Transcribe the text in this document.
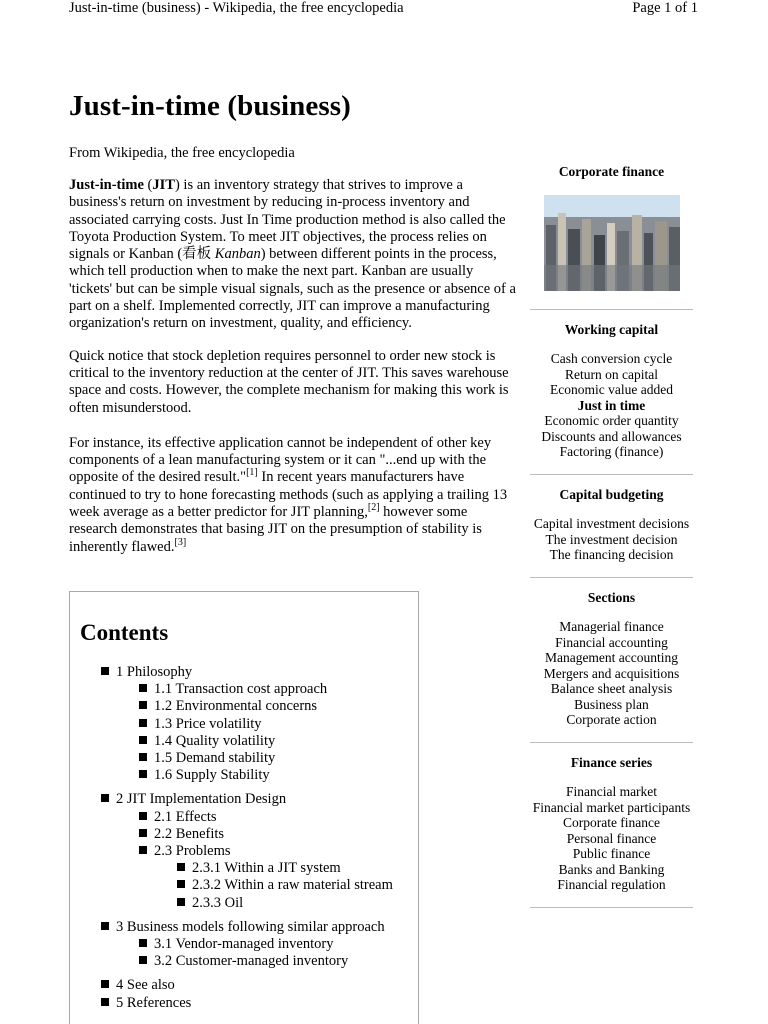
Just-in-time (business) - Wikipedia, the free encyclopedia	Page 1 of 1
Just-in-time (business)
From Wikipedia, the free encyclopedia

Just-in-time (JIT) is an inventory strategy that strives to improve a business's return on investment by reducing in-process inventory and associated carrying costs. Just In Time production method is also called the Toyota Production System. To meet JIT objectives, the process relies on signals or Kanban (看板 Kanban) between different points in the process, which tell production when to make the next part. Kanban are usually 'tickets' but can be simple visual signals, such as the presence or absence of a part on a shelf. Implemented correctly, JIT can improve a manufacturing organization's return on investment, quality, and efficiency.

Quick notice that stock depletion requires personnel to order new stock is critical to the inventory reduction at the center of JIT. This saves warehouse space and costs. However, the complete mechanism for making this work is often misunderstood.

For instance, its effective application cannot be independent of other key components of a lean manufacturing system or it can "...end up with the opposite of the desired result."[1] In recent years manufacturers have continued to try to hone forecasting methods (such as applying a trailing 13 week average as a better predictor for JIT planning,[2] however some research demonstrates that basing JIT on the presumption of stability is inherently flawed.[3]

Contents
1 Philosophy
1.1 Transaction cost approach
1.2 Environmental concerns
1.3 Price volatility
1.4 Quality volatility
1.5 Demand stability
1.6 Supply Stability
2 JIT Implementation Design
2.1 Effects
2.2 Benefits
2.3 Problems
2.3.1 Within a JIT system
2.3.2 Within a raw material stream
2.3.3 Oil
3 Business models following similar approach
3.1 Vendor-managed inventory
3.2 Customer-managed inventory
4 See also
5 References
Corporate finance
Working capital
Cash conversion cycle
Return on capital
Economic value added
Just in time
Economic order quantity
Discounts and allowances
Factoring (finance)
Capital budgeting
Capital investment decisions
The investment decision
The financing decision
Sections
Managerial finance
Financial accounting
Management accounting
Mergers and acquisitions
Balance sheet analysis
Business plan
Corporate action
Finance series
Financial market
Financial market participants
Corporate finance
Personal finance
Public finance
Banks and Banking
Financial regulation
